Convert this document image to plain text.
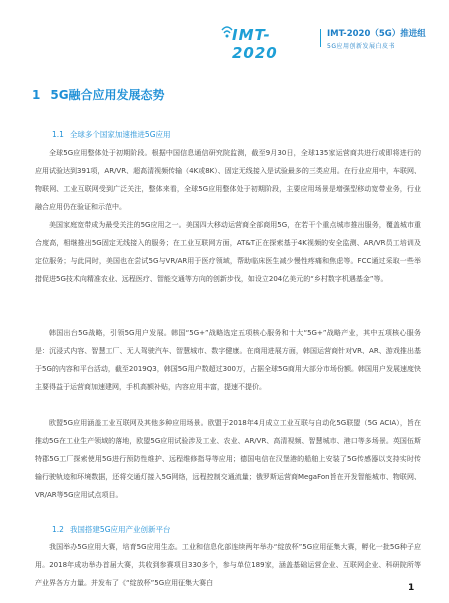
IMT-2020
IMT-2020（5G）推进组
5G应用创新发展白皮书
1 5G融合应用发展态势
1.1 全球多个国家加速推进5G应用

全球5G应用整体处于初期阶段。根据中国信息通信研究院监测，截至9月30日，全球135家运营商共进行或即将进行的应用试验达到391项，AR/VR、超高清视频传输（4K或8K）、固定无线接入是试验最多的三类应用。在行业应用中，车联网、物联网、工业互联网受到广泛关注，整体来看，全球5G应用整体处于初期阶段，主要应用场景是增强型移动宽带业务，行业融合应用仍在验证和示范中。

美国家庭宽带成为最受关注的5G应用之一。美国四大移动运营商全部商用5G，在若干个重点城市推出服务，覆盖城市重合度高，相继推出5G固定无线接入的服务；在工业互联网方面，AT&T正在探索基于4K视频的安全监测、AR/VR员工培训及定位服务；与此同时，美国也在尝试5G与VR/AR用于医疗领域，帮助临床医生减少慢性疼痛和焦虑等。FCC通过采取一些举措促进5G技术向精准农业、远程医疗、智能交通等方向的创新步伐，如设立204亿美元的“乡村数字机遇基金”等。

韩国出台5G战略，引领5G用户发展。韩国“5G+”战略选定五项核心服务和十大“5G+”战略产业，其中五项核心服务是：沉浸式内容、智慧工厂、无人驾驶汽车、智慧城市、数字健康。在商用进展方面，韩国运营商针对VR、AR、游戏推出基于5G的内容和平台活动，截至2019Q3，韩国5G用户数超过300万，占据全球5G商用大部分市场份额。韩国用户发展速度快主要得益于运营商加速建网，手机高额补贴，内容应用丰富，提速不提价。

欧盟5G应用涵盖工业互联网及其他多种应用场景。欧盟于2018年4月成立工业互联与自动化5G联盟（5G ACIA），旨在推动5G在工业生产领域的落地，欧盟5G应用试验涉及工业、农业、AR/VR、高清视频、智慧城市、港口等多场景。英国伍斯特郡5G工厂探索使用5G进行预防性维护、远程维修指导等应用；德国电信在汉堡港的船舶上安装了5G传感器以支持实时传输行驶轨迹和环境数据，还将交通灯接入5G网络，远程控制交通流量；俄罗斯运营商MegaFon旨在开发智能城市、物联网、VR/AR等5G应用试点项目。

1.2 我国搭建5G应用产业创新平台

我国举办5G应用大赛，培育5G应用生态。工业和信息化部连续两年举办“绽放杯”5G应用征集大赛，孵化一批5G种子应用。2018年成功举办首届大赛，共收到参赛项目330多个，参与单位189家，涵盖基础运营企业、互联网企业、科研院所等产业界各方力量。并发布了《“绽放杯”5G应用征集大赛白	1
